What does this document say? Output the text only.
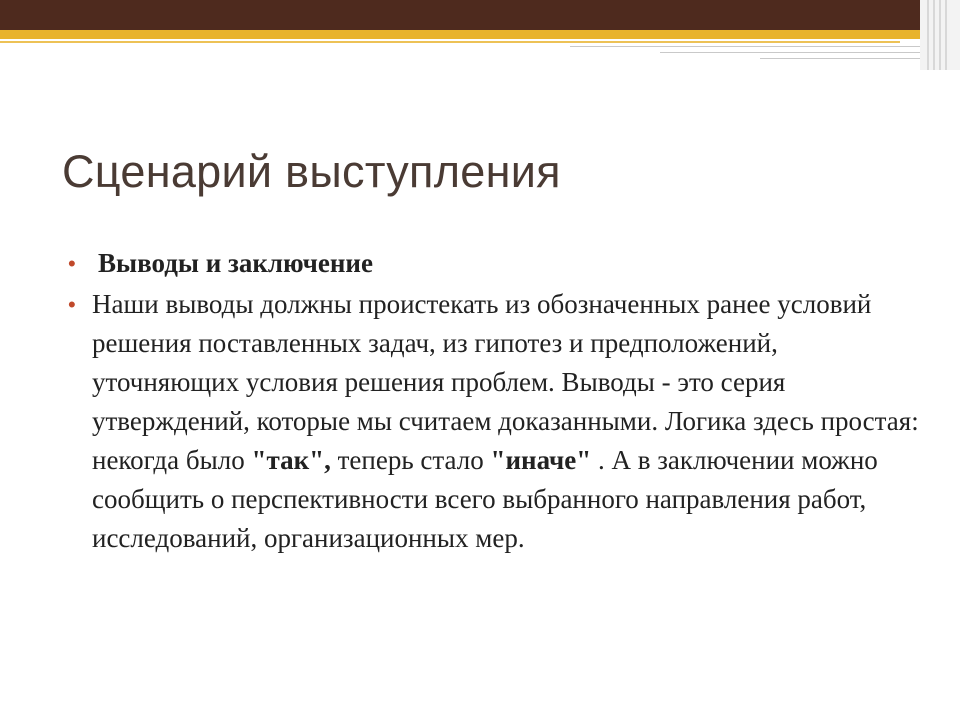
Сценарий выступления

• Выводы и заключение

• Наши выводы должны проистекать из обозначенных ранее условий решения поставленных задач, из гипотез и предположений, уточняющих условия решения проблем. Выводы - это серия утверждений, которые мы считаем доказанными. Логика здесь простая: некогда было "так", теперь стало "иначе" . А в заключении можно сообщить о перспективности всего выбранного направления работ, исследований, организационных мер.
